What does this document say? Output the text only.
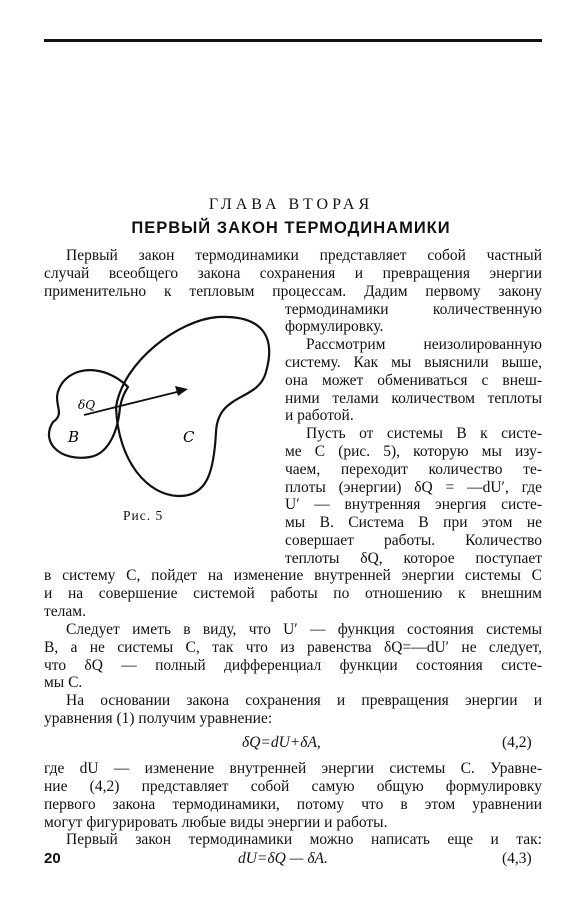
ГЛАВА ВТОРАЯ
ПЕРВЫЙ ЗАКОН ТЕРМОДИНАМИКИ

Первый закон термодинамики представляет собой частный

случай всеобщего закона сохранения и превращения энергии

применительно к тепловым процессам. Дадим первому закону

термодинамики количественную

формулировку.

Рассмотрим неизолированную

систему. Как мы выяснили выше,

она может обмениваться с внеш-

ними телами количеством теплоты

и работой.

Пусть от системы B к систе-

ме C (рис. 5), которую мы изу-

чаем, переходит количество те-

плоты (энергии) δQ = —dU′, где

U′ — внутренняя энергия систе-

мы B. Система B при этом не

совершает работы. Количество

теплоты δQ, которое поступает

в систему C, пойдет на изменение внутренней энергии системы C

и на совершение системой работы по отношению к внешним

телам.

Следует иметь в виду, что U′ — функция состояния системы

B, а не системы C, так что из равенства δQ=—dU′ не следует,

что δQ — полный дифференциал функции состояния систе-

мы C.

На основании закона сохранения и превращения энергии и

уравнения (1) получим уравнение:

δQ=dU+δA,	(4,2)

где dU — изменение внутренней энергии системы C. Уравне-

ние (4,2) представляет собой самую общую формулировку

первого закона термодинамики, потому что в этом уравнении

могут фигурировать любые виды энергии и работы.

Первый закон термодинамики можно написать еще и так:

dU=δQ — δA.	(4,3)
δQ
B	C
Рис. 5
20
